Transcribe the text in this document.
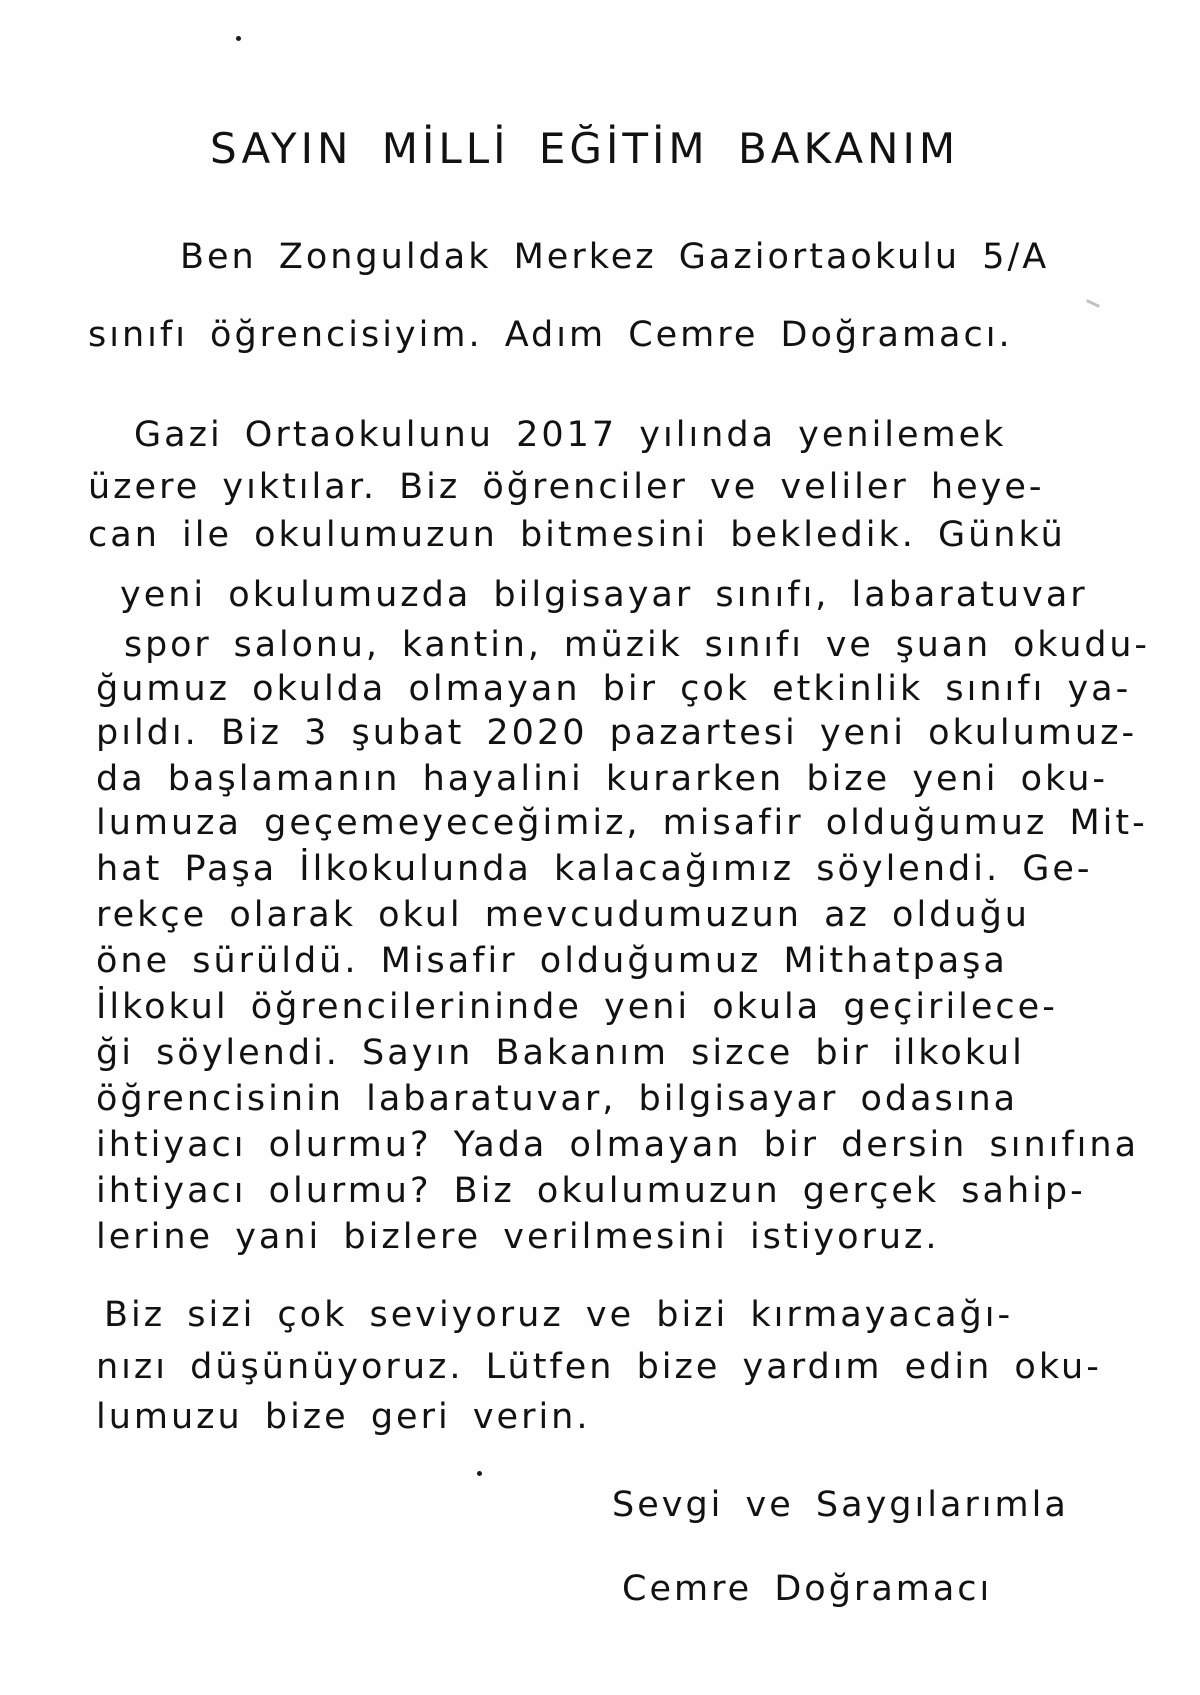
SAYIN MİLLİ EĞİTİM BAKANIM
Ben Zonguldak Merkez Gaziortaokulu 5/A
sınıfı öğrencisiyim. Adım Cemre Doğramacı.
Gazi Ortaokulunu 2017 yılında yenilemek
üzere yıktılar. Biz öğrenciler ve veliler heye-
can ile okulumuzun bitmesini bekledik. Günkü
yeni okulumuzda bilgisayar sınıfı, labaratuvar
spor salonu, kantin, müzik sınıfı ve şuan okudu-
ğumuz okulda olmayan bir çok etkinlik sınıfı ya-
pıldı. Biz 3 şubat 2020 pazartesi yeni okulumuz-
da başlamanın hayalini kurarken bize yeni oku-
lumuza geçemeyeceğimiz, misafir olduğumuz Mit-
hat Paşa İlkokulunda kalacağımız söylendi. Ge-
rekçe olarak okul mevcudumuzun az olduğu
öne sürüldü. Misafir olduğumuz Mithatpaşa
İlkokul öğrencilerininde yeni okula geçirilece-
ği söylendi. Sayın Bakanım sizce bir ilkokul
öğrencisinin labaratuvar, bilgisayar odasına
ihtiyacı olurmu? Yada olmayan bir dersin sınıfına
ihtiyacı olurmu? Biz okulumuzun gerçek sahip-
lerine yani bizlere verilmesini istiyoruz.
Biz sizi çok seviyoruz ve bizi kırmayacağı-
nızı düşünüyoruz. Lütfen bize yardım edin oku-
lumuzu bize geri verin.
Sevgi ve Saygılarımla
Cemre Doğramacı
